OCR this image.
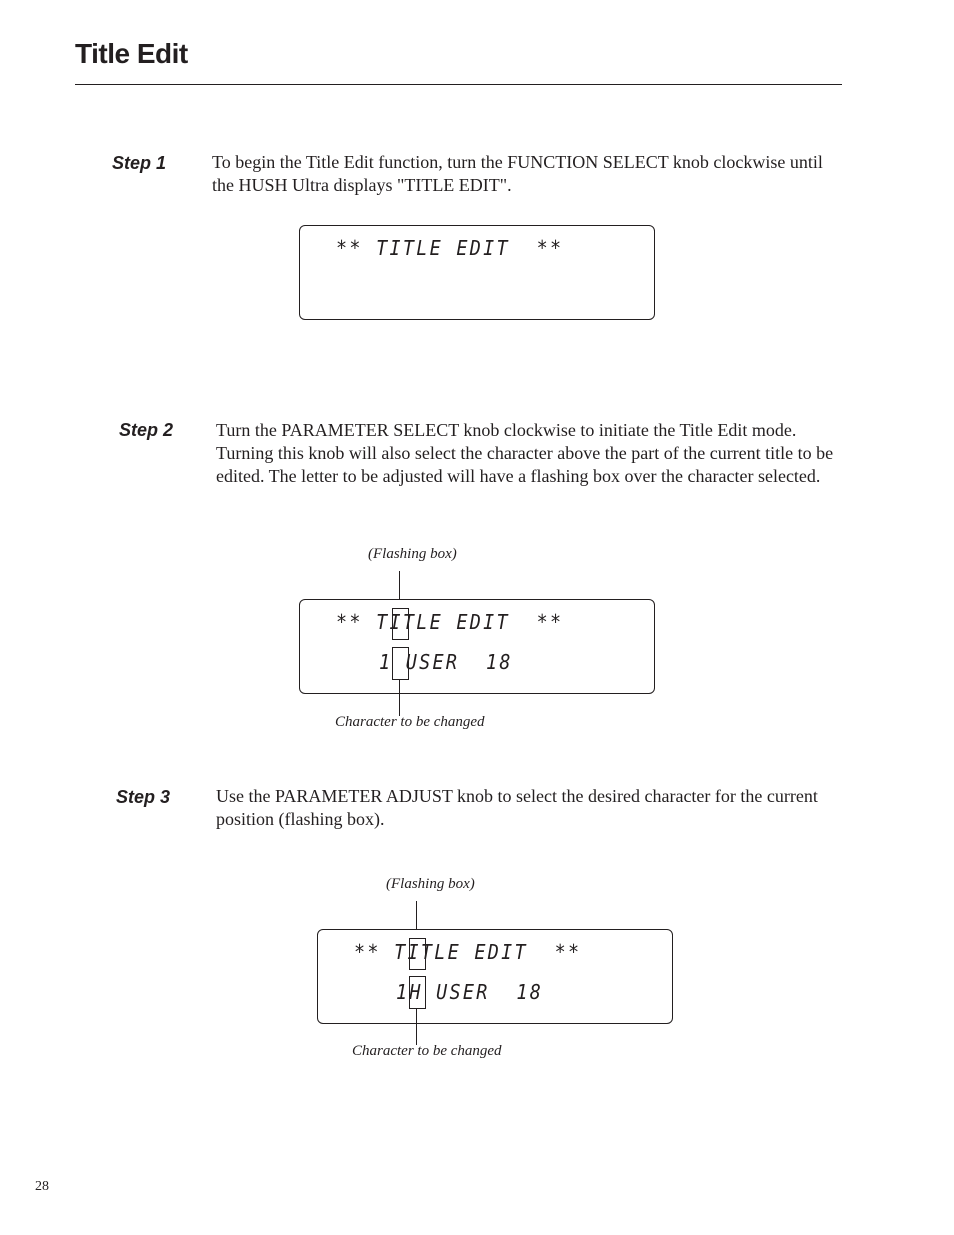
Title Edit
Step 1	To begin the Title Edit function, turn the FUNCTION SELECT knob clockwise until
the HUSH Ultra displays "TITLE EDIT".
** TITLE EDIT  **
Step 2 Turn the PARAMETER SELECT knob clockwise to initiate the Title Edit mode.
Turning this knob will also select the character above the part of the current title to be
edited. The letter to be adjusted will have a flashing box over the character selected.
(Flashing box)
** TITLE EDIT  **
1 USER  18
Character to be changed
Step 3	Use the PARAMETER ADJUST knob to select the desired character for the current
position (flashing box).
(Flashing box)
** TITLE EDIT  **
1H USER  18
Character to be changed
28
